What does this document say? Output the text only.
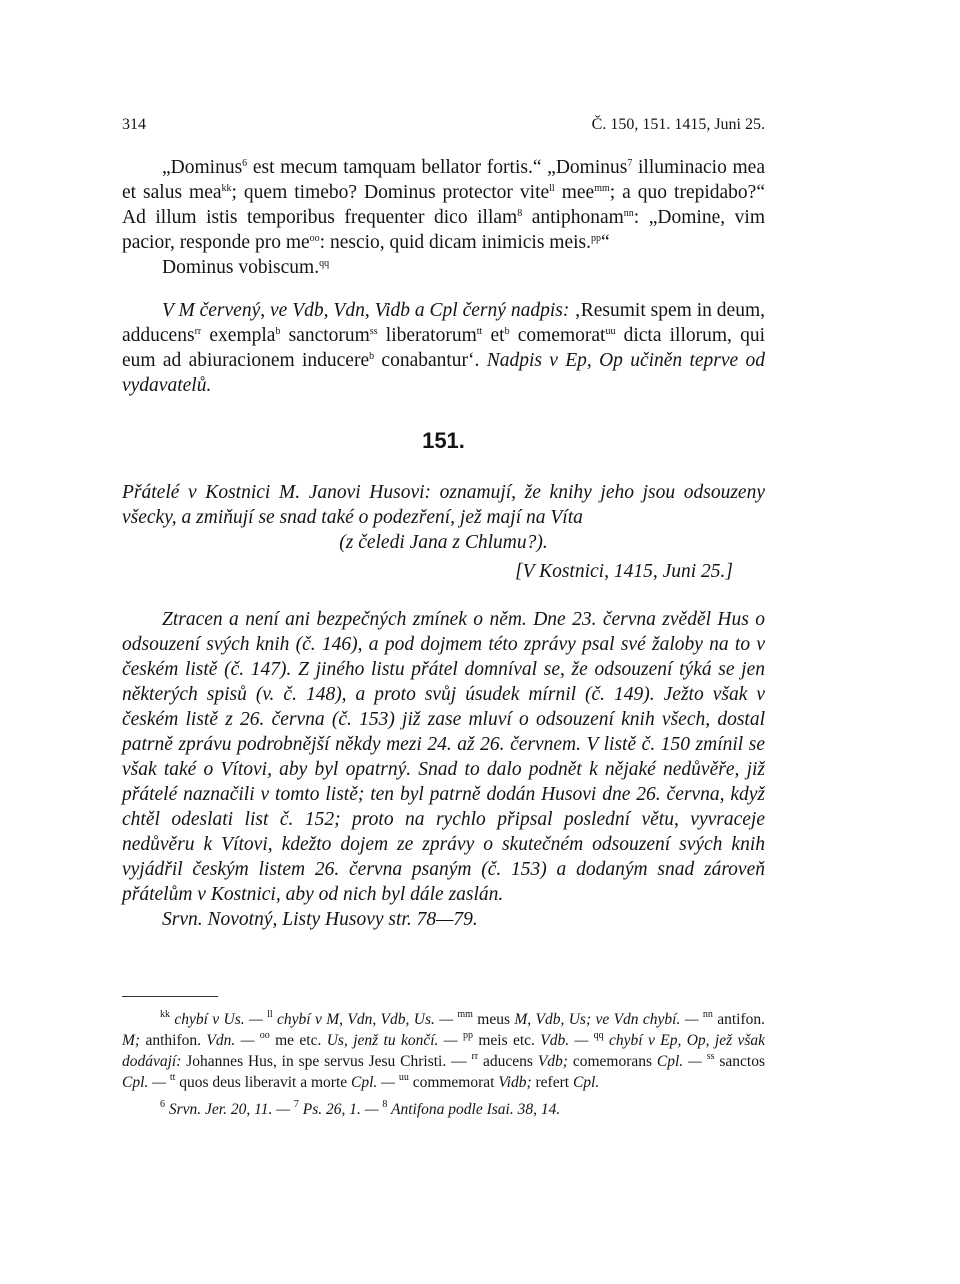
314	Č. 150, 151. 1415, Juni 25.

„Dominus$^6$ est mecum tamquam bellator fortis.“ „Dominus$^7$ illuminacio mea et salus mea$^{kk}$; quem timebo? Dominus protector vite$^{ll}$ mee$^{mm}$; a quo trepidabo?“ Ad illum istis temporibus frequenter dico illam$^8$ antiphonam$^{nn}$: „Domine, vim pacior, responde pro $me^{oo}$: nescio, quid dicam inimicis meis.$^{pp}$“

Dominus vobiscum.$^{qq}$

V M červený, ve Vdb, Vdn, Vidb a Cpl černý nadpis: ‚Resumit spem in deum, adducens$^{rr}$ exempla$^b$ sanctorum$^{ss}$ liberatorum$^{tt}$ $et^b$ comemorat$^{uu}$ dicta illorum, qui eum ad abiuracionem inducere$^b$ conabantur‘. Nadpis v Ep, Op učiněn teprve od vydavatelů.

151.

Přátelé v Kostnici M. Janovi Husovi: oznamují, že knihy jeho jsou odsouzeny všecky, a zmiňují se snad také o podezření, jež mají na Víta

(z čeledi Jana z Chlumu?).

[V Kostnici, 1415, Juni 25.]

Ztracen a není ani bezpečných zmínek o něm. Dne 23. června zvěděl Hus o odsouzení svých knih (č. 146), a pod dojmem této zprávy psal své žaloby na to v českém listě (č. 147). Z jiného listu přátel domníval se, že odsouzení týká se jen některých spisů (v. č. 148), a proto svůj úsudek mírnil (č. 149). Ježto však v českém listě z 26. června (č. 153) již zase mluví o odsouzení knih všech, dostal patrně zprávu podrobnější někdy mezi 24. až 26. červnem. V listě č. 150 zmínil se však také o Vítovi, aby byl opatrný. Snad to dalo podnět k nějaké nedůvěře, již přátelé naznačili v tomto listě; ten byl patrně dodán Husovi dne 26. června, když chtěl odeslati list č. 152; proto na rychlo připsal poslední větu, vyvraceje nedůvěru k Vítovi, kdežto dojem ze zprávy o skutečném odsouzení svých knih vyjádřil českým listem 26. června psaným (č. 153) a dodaným snad zároveň přátelům v Kostnici, aby od nich byl dále zaslán.

Srvn. Novotný, Listy Husovy str. 78—79.

$^{kk}$ chybí v Us. — $^{ll}$ chybí v M, Vdn, Vdb, Us. — $^{mm}$ meus M, Vdb, Us; ve Vdn chybí. — $^{nn}$ antifon. M; anthifon. Vdn. — $^{oo}$ me etc. Us, jenž tu končí. — $^{pp}$ meis etc. Vdb. — $^{qq}$ chybí v Ep, Op, jež však dodávají: Johannes Hus, in spe servus Jesu Christi. — $^{rr}$ aducens Vdb; comemorans Cpl. — $^{ss}$ sanctos Cpl. — $^{tt}$ quos deus liberavit a morte Cpl. — $^{uu}$ commemorat Vidb; refert Cpl.

$^6$ Srvn. Jer. 20, 11. — $^7$ Ps. 26, 1. — $^8$ Antifona podle Isai. 38, 14.
